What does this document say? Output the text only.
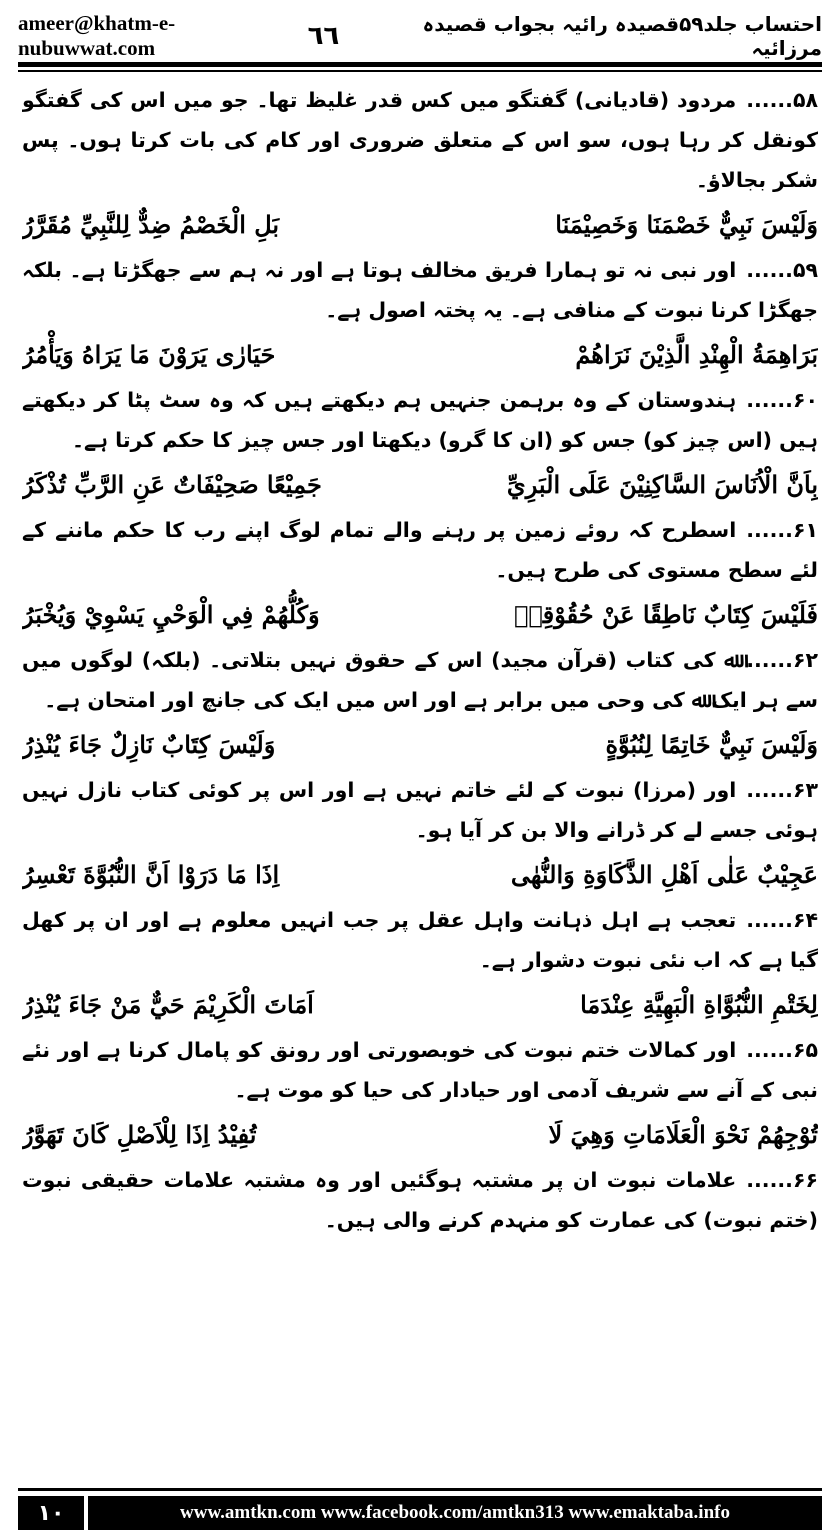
ameer@khatm-e-nubuwwat.com
احتساب جلد۵۹قصیدہ رائیہ بجواب قصیدہ مرزائیہ
٦٦

۵۸......مردود (قادیانی) گفتگو میں کس قدر غلیظ تھا۔ جو میں اس کی گفتگو کونقل کر رہا ہوں، سو اس کے متعلق ضروری اور کام کی بات کرتا ہوں۔ پس شکر بجالاؤ۔

وَلَيْسَ نَبِيٌّ خَصْمَنَا وَخَصِيْمَنَا
بَلِ الْخَصْمُ ضِدٌّ لِلنَّبِيِّ مُقَرَّرُ

۵۹......اور نبی نہ تو ہمارا فریق مخالف ہوتا ہے اور نہ ہم سے جھگڑتا ہے۔ بلکہ جھگڑا کرنا نبوت کے منافی ہے۔ یہ پختہ اصول ہے۔

بَرَاهِمَةُ الْهِنْدِ الَّذِيْنَ نَرَاهُمْ
حَيَارٰى يَرَوْنَ مَا يَرَاهُ وَيَأْمُرُ

۶۰......ہندوستان کے وہ برہمن جنہیں ہم دیکھتے ہیں کہ وہ سٹ پٹا کر دیکھتے ہیں (اس چیز کو) جس کو (ان کا گرو) دیکھتا اور جس چیز کا حکم کرتا ہے۔

بِاَنَّ الْاُنَاسَ السَّاكِنِيْنَ عَلَى الْبَرِيِّ
جَمِيْعًا صَحِيْفَاتٌ عَنِ الرَّبِّ تُذْكَرُ

۶۱......اسطرح کہ روئے زمین پر رہنے والے تمام لوگ اپنے رب کا حکم ماننے کے لئے سطح مستوی کی طرح ہیں۔

فَلَيْسَ كِتَابٌ نَاطِقًا عَنْ حُقُوْقِهٖ
وَكُلُّهُمْ فِي الْوَحْيِ يَسْوِيْ وَيُخْبَرُ

۶۲......ﷲ کی کتاب (قرآن مجید) اس کے حقوق نہیں بتلاتی۔ (بلکہ) لوگوں میں سے ہر ایک ﷲ کی وحی میں برابر ہے اور اس میں ایک کی جانچ اور امتحان ہے۔

وَلَيْسَ نَبِيٌّ خَاتِمًا لِنُبُوَّةٍ
وَلَيْسَ كِتَابٌ نَازِلٌ جَاءَ يُنْذِرُ

۶۳......اور (مرزا) نبوت کے لئے خاتم نہیں ہے اور اس پر کوئی کتاب نازل نہیں ہوئی جسے لے کر ڈرانے والا بن کر آیا ہو۔

عَجِيْبٌ عَلٰى اَهْلِ الذَّكَاوَةِ وَالنُّهٰى
اِذَا مَا دَرَوْا اَنَّ النُّبُوَّةَ تَعْسِرُ

۶۴......تعجب ہے اہل ذہانت واہل عقل پر جب انہیں معلوم ہے اور ان پر کھل گیا ہے کہ اب نئی نبوت دشوار ہے۔

لِخَتْمِ النُّبُوَّاةِ الْبَهِيَّةِ عِنْدَمَا
اَمَاتَ الْكَرِيْمَ حَيٌّ مَنْ جَاءَ يُنْذِرُ

۶۵......اور کمالات ختم نبوت کی خوبصورتی اور رونق کو پامال کرنا ہے اور نئے نبی کے آنے سے شریف آدمی اور حیادار کی حیا کو موت ہے۔

تُوْجِهُمْ نَحْوَ الْعَلَامَاتِ وَهِيَ لَا
تُفِيْدُ اِذَا لِلْاَصْلِ كَانَ تَهَوَّرُ

۶۶......علامات نبوت ان پر مشتبہ ہوگئیں اور وہ مشتبہ علامات حقیقی نبوت (ختم نبوت) کی عمارت کو منہدم کرنے والی ہیں۔

۱۰	www.amtkn.com www.facebook.com/amtkn313 www.emaktaba.info
